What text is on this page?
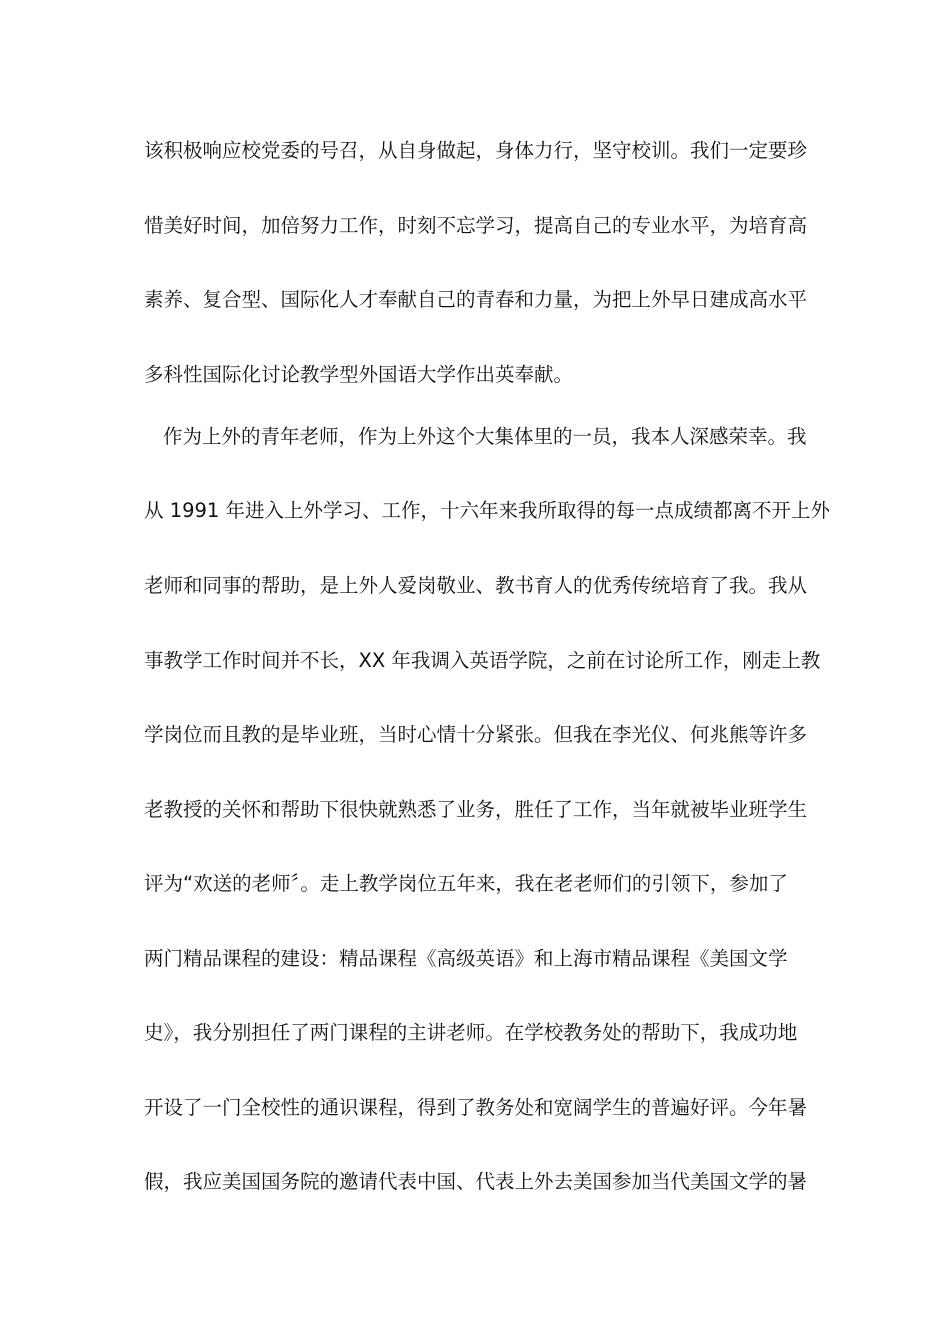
该积极响应校党委的号召，从自身做起，身体力行，坚守校训。我们一定要珍
惜美好时间，加倍努力工作，时刻不忘学习，提高自己的专业水平，为培育高
素养、复合型、国际化人才奉献自己的青春和力量，为把上外早日建成高水平
多科性国际化讨论教学型外国语大学作出英奉献。
作为上外的青年老师，作为上外这个大集体里的一员，我本人深感荣幸。我
从 1991 年进入上外学习、工作，十六年来我所取得的每一点成绩都离不开上外
老师和同事的帮助，是上外人爱岗敬业、教书育人的优秀传统培育了我。我从
事教学工作时间并不长，XX 年我调入英语学院，之前在讨论所工作，刚走上教
学岗位而且教的是毕业班，当时心情十分紧张。但我在李光仪、何兆熊等许多
老教授的关怀和帮助下很快就熟悉了业务，胜任了工作，当年就被毕业班学生
评为“欢送的老师〞。走上教学岗位五年来，我在老老师们的引领下，参加了
两门精品课程的建设：精品课程《高级英语》和上海市精品课程《美国文学
史》，我分别担任了两门课程的主讲老师。在学校教务处的帮助下，我成功地
开设了一门全校性的通识课程，得到了教务处和宽阔学生的普遍好评。今年暑
假，我应美国国务院的邀请代表中国、代表上外去美国参加当代美国文学的暑
